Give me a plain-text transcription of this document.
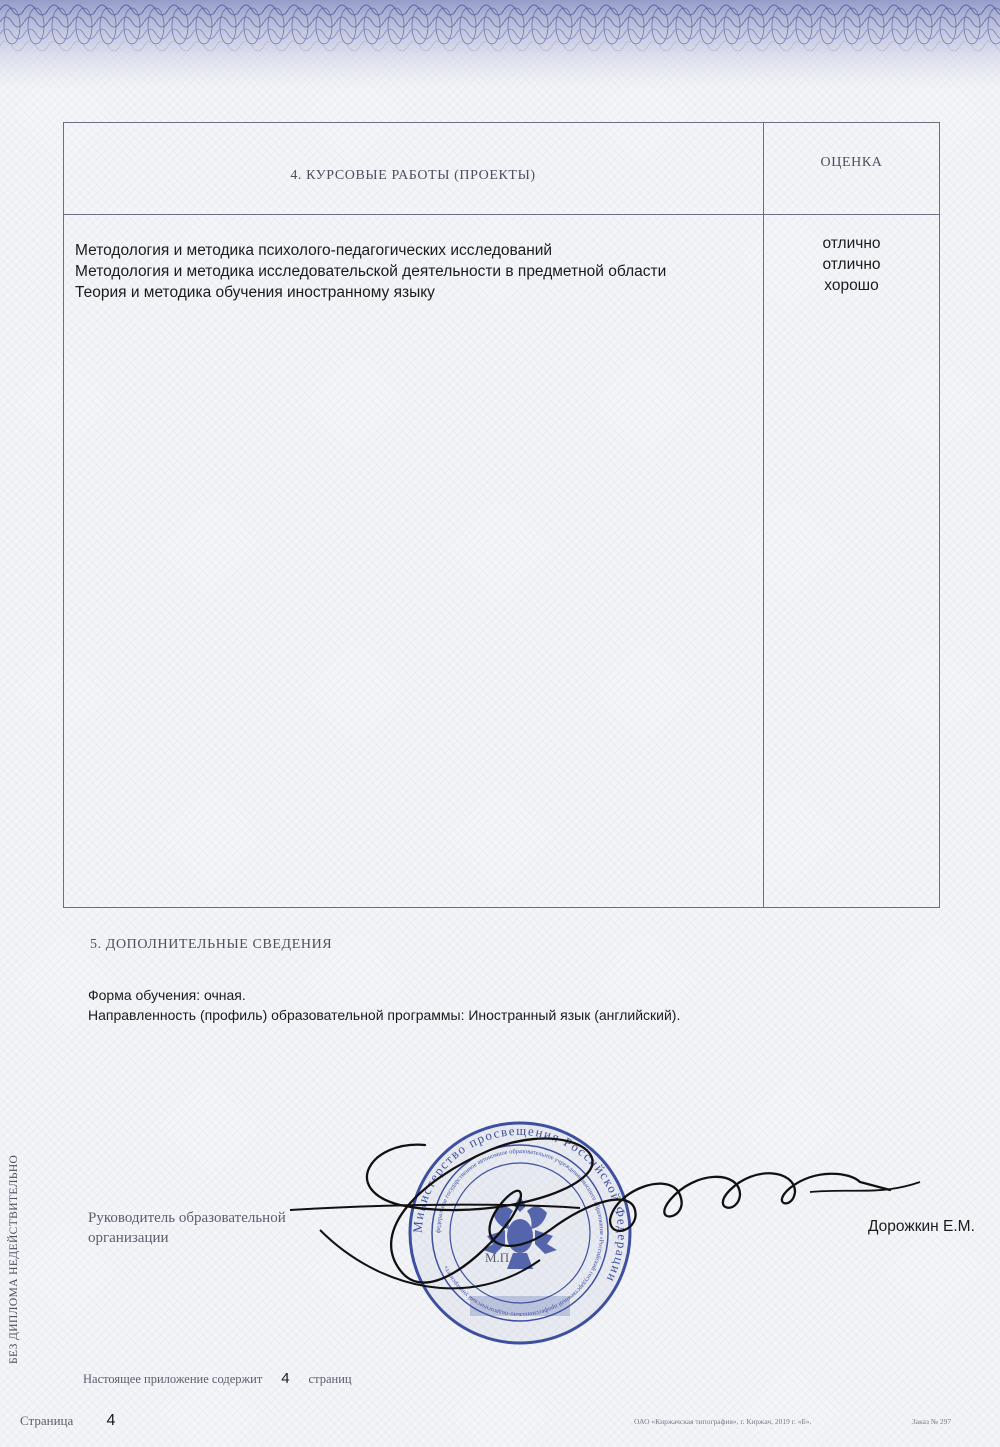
4. КУРСОВЫЕ РАБОТЫ (ПРОЕКТЫ)
ОЦЕНКА
Методология и методика психолого-педагогических исследований
Методология и методика исследовательской деятельности в предметной области
Теория и методика обучения иностранному языку
отлично
отлично
хорошо
5. ДОПОЛНИТЕЛЬНЫЕ СВЕДЕНИЯ
Форма обучения: очная.
Направленность (профиль) образовательной программы: Иностранный язык (английский).
Министерство просвещения Российской Федерации
федеральное государственное автономное образовательное учреждение высшего образования «Российский государственный профессионально-педагогический университет»
М.П.
Руководитель образовательной
организации
Дорожкин Е.М.
БЕЗ ДИПЛОМА НЕДЕЙСТВИТЕЛЬНО
Настоящее приложение содержит 4 страниц
Страница 4	ОАО «Киржачская типография», г. Киржач, 2019 г. «Б».	Заказ № 297
